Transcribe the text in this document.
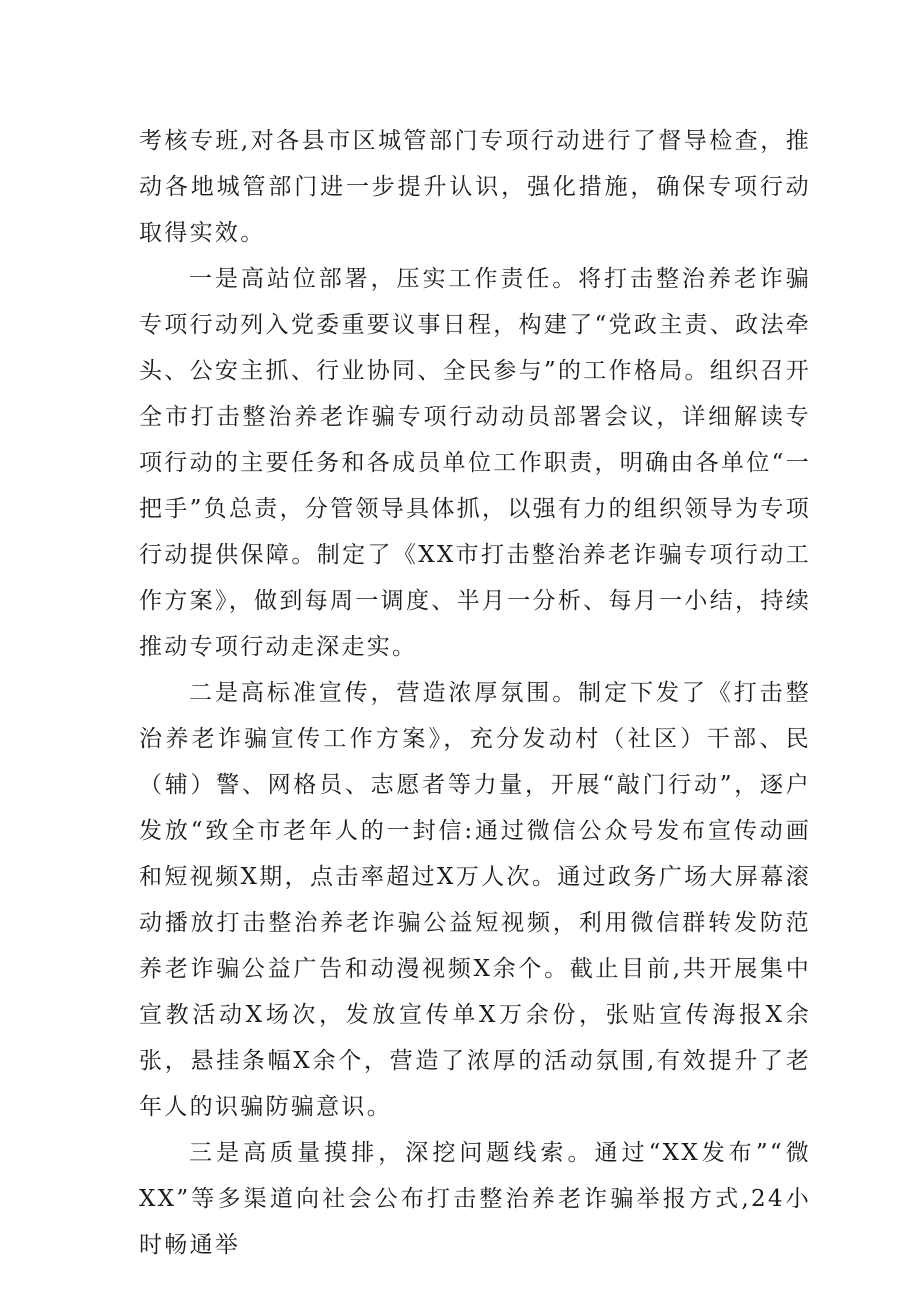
考核专班,对各县市区城管部门专项行动进行了督导检查，推动各地城管部门进一步提升认识，强化措施，确保专项行动取得实效。

一是高站位部署，压实工作责任。将打击整治养老诈骗专项行动列入党委重要议事日程，构建了“党政主责、政法牵头、公安主抓、行业协同、全民参与”的工作格局。组织召开全市打击整治养老诈骗专项行动动员部署会议，详细解读专项行动的主要任务和各成员单位工作职责，明确由各单位“一把手”负总责，分管领导具体抓，以强有力的组织领导为专项行动提供保障。制定了《XX市打击整治养老诈骗专项行动工作方案》，做到每周一调度、半月一分析、每月一小结，持续推动专项行动走深走实。

二是高标准宣传，营造浓厚氛围。制定下发了《打击整治养老诈骗宣传工作方案》，充分发动村（社区）干部、民（辅）警、网格员、志愿者等力量，开展“敲门行动”，逐户发放“致全市老年人的一封信:通过微信公众号发布宣传动画和短视频X期，点击率超过X万人次。通过政务广场大屏幕滚动播放打击整治养老诈骗公益短视频，利用微信群转发防范养老诈骗公益广告和动漫视频X余个。截止目前,共开展集中宣教活动X场次，发放宣传单X万余份，张贴宣传海报X余张，悬挂条幅X余个，营造了浓厚的活动氛围,有效提升了老年人的识骗防骗意识。

三是高质量摸排，深挖问题线索。通过“XX发布”“微XX”等多渠道向社会公布打击整治养老诈骗举报方式,24小时畅通举
